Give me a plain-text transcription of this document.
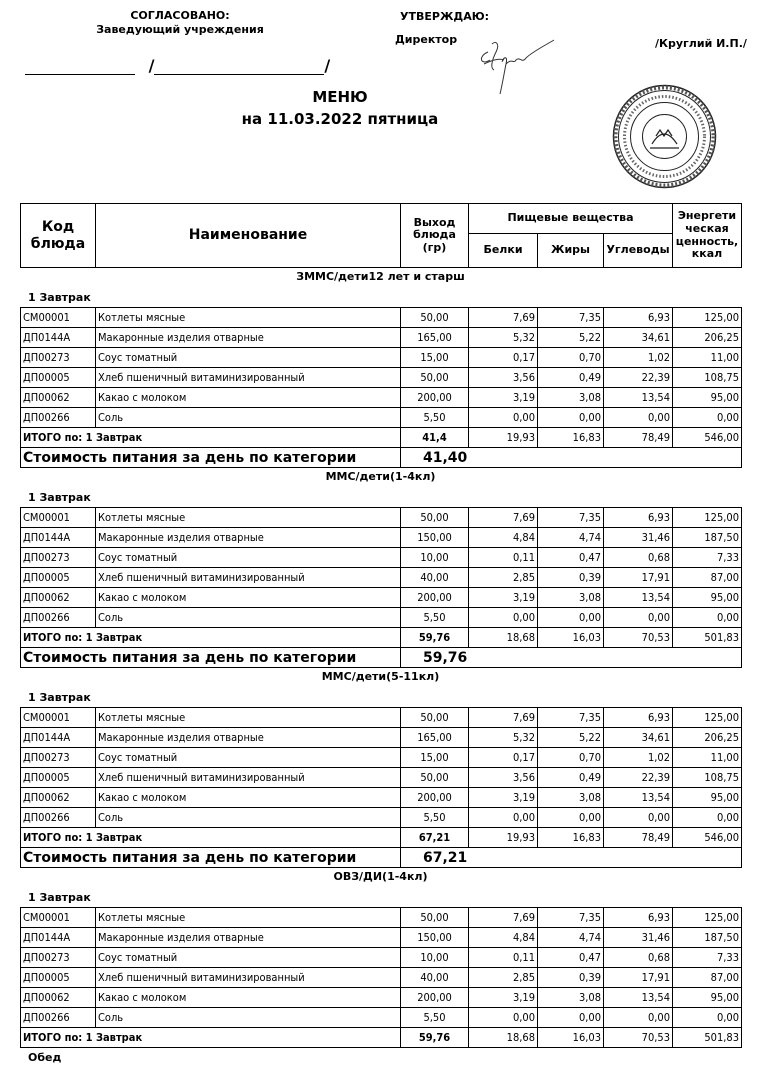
СОГЛАСОВАНО:
Заведующий учреждения
/	/
УТВЕРЖДАЮ:
Директор	/Круглий И.П./
МЕНЮ
на 11.03.2022 пятница
Код блюда	Наименование	Выход блюда (гр)	Пищевые вещества			Энергети ческая ценность, ккал
			Белки	Жиры	Углеводы	
ЗММС/дети12 лет и старш
1 Завтрак
СМ00001	Котлеты мясные	50,00	7,69	7,35	6,93	125,00
ДП0144А	Макаронные изделия отварные	165,00	5,32	5,22	34,61	206,25
ДП00273	Соус томатный	15,00	0,17	0,70	1,02	11,00
ДП00005	Хлеб пшеничный витаминизированный	50,00	3,56	0,49	22,39	108,75
ДП00062	Какао с молоком	200,00	3,19	3,08	13,54	95,00
ДП00266	Соль	5,50	0,00	0,00	0,00	0,00
ИТОГО по: 1 Завтрак		41,4	19,93	16,83	78,49	546,00
Стоимость питания за день по категории		41,40				
ММС/дети(1-4кл)
1 Завтрак
СМ00001	Котлеты мясные	50,00	7,69	7,35	6,93	125,00
ДП0144А	Макаронные изделия отварные	150,00	4,84	4,74	31,46	187,50
ДП00273	Соус томатный	10,00	0,11	0,47	0,68	7,33
ДП00005	Хлеб пшеничный витаминизированный	40,00	2,85	0,39	17,91	87,00
ДП00062	Какао с молоком	200,00	3,19	3,08	13,54	95,00
ДП00266	Соль	5,50	0,00	0,00	0,00	0,00
ИТОГО по: 1 Завтрак		59,76	18,68	16,03	70,53	501,83
Стоимость питания за день по категории		59,76				
ММС/дети(5-11кл)
1 Завтрак
СМ00001	Котлеты мясные	50,00	7,69	7,35	6,93	125,00
ДП0144А	Макаронные изделия отварные	165,00	5,32	5,22	34,61	206,25
ДП00273	Соус томатный	15,00	0,17	0,70	1,02	11,00
ДП00005	Хлеб пшеничный витаминизированный	50,00	3,56	0,49	22,39	108,75
ДП00062	Какао с молоком	200,00	3,19	3,08	13,54	95,00
ДП00266	Соль	5,50	0,00	0,00	0,00	0,00
ИТОГО по: 1 Завтрак		67,21	19,93	16,83	78,49	546,00
Стоимость питания за день по категории		67,21				
ОВЗ/ДИ(1-4кл)
1 Завтрак
СМ00001	Котлеты мясные	50,00	7,69	7,35	6,93	125,00
ДП0144А	Макаронные изделия отварные	150,00	4,84	4,74	31,46	187,50
ДП00273	Соус томатный	10,00	0,11	0,47	0,68	7,33
ДП00005	Хлеб пшеничный витаминизированный	40,00	2,85	0,39	17,91	87,00
ДП00062	Какао с молоком	200,00	3,19	3,08	13,54	95,00
ДП00266	Соль	5,50	0,00	0,00	0,00	0,00
ИТОГО по: 1 Завтрак		59,76	18,68	16,03	70,53	501,83
Обед
